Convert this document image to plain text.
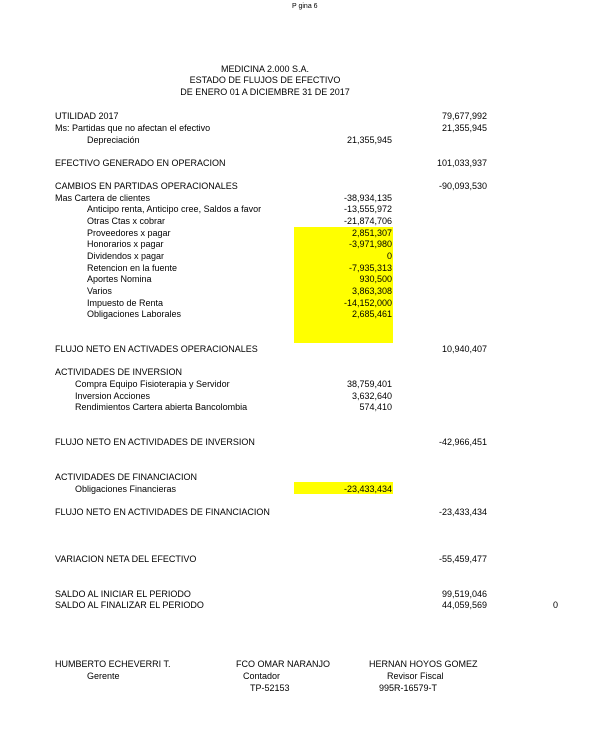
P gina 6
MEDICINA 2.000 S.A.
ESTADO DE FLUJOS DE EFECTIVO
DE ENERO 01 A DICIEMBRE 31 DE 2017
UTILIDAD 2017	79,677,992
Ms: Partidas que no afectan el efectivo	21,355,945
Depreciación	21,355,945
EFECTIVO GENERADO EN OPERACION	101,033,937
CAMBIOS EN PARTIDAS OPERACIONALES	-90,093,530
Mas Cartera de clientes	-38,934,135
Anticipo renta, Anticipo cree, Saldos a favor	-13,555,972
Otras Ctas x cobrar	-21,874,706
Proveedores x pagar	2,851,307
Honorarios x pagar	-3,971,980
Dividendos x pagar	0
Retencion en la fuente	-7,935,313
Aportes Nomina	930,500
Varios	3,863,308
Impuesto de Renta	-14,152,000
Obligaciones Laborales	2,685,461
FLUJO NETO EN ACTIVADES OPERACIONALES	10,940,407
ACTIVIDADES DE INVERSION
Compra Equipo Fisioterapia y Servidor	38,759,401
Inversion Acciones	3,632,640
Rendimientos Cartera abierta Bancolombia	574,410
FLUJO NETO EN ACTIVIDADES DE INVERSION	-42,966,451
ACTIVIDADES DE FINANCIACION
Obligaciones Financieras	-23,433,434
FLUJO NETO EN ACTIVIDADES DE FINANCIACION	-23,433,434
VARIACION NETA DEL EFECTIVO	-55,459,477
SALDO AL INICIAR EL PERIODO	99,519,046
SALDO AL FINALIZAR EL PERIODO	44,059,569	0
HUMBERTO ECHEVERRI T.
Gerente
FCO OMAR NARANJO
Contador
TP-52153
HERNAN HOYOS GOMEZ
Revisor Fiscal
995R-16579-T
